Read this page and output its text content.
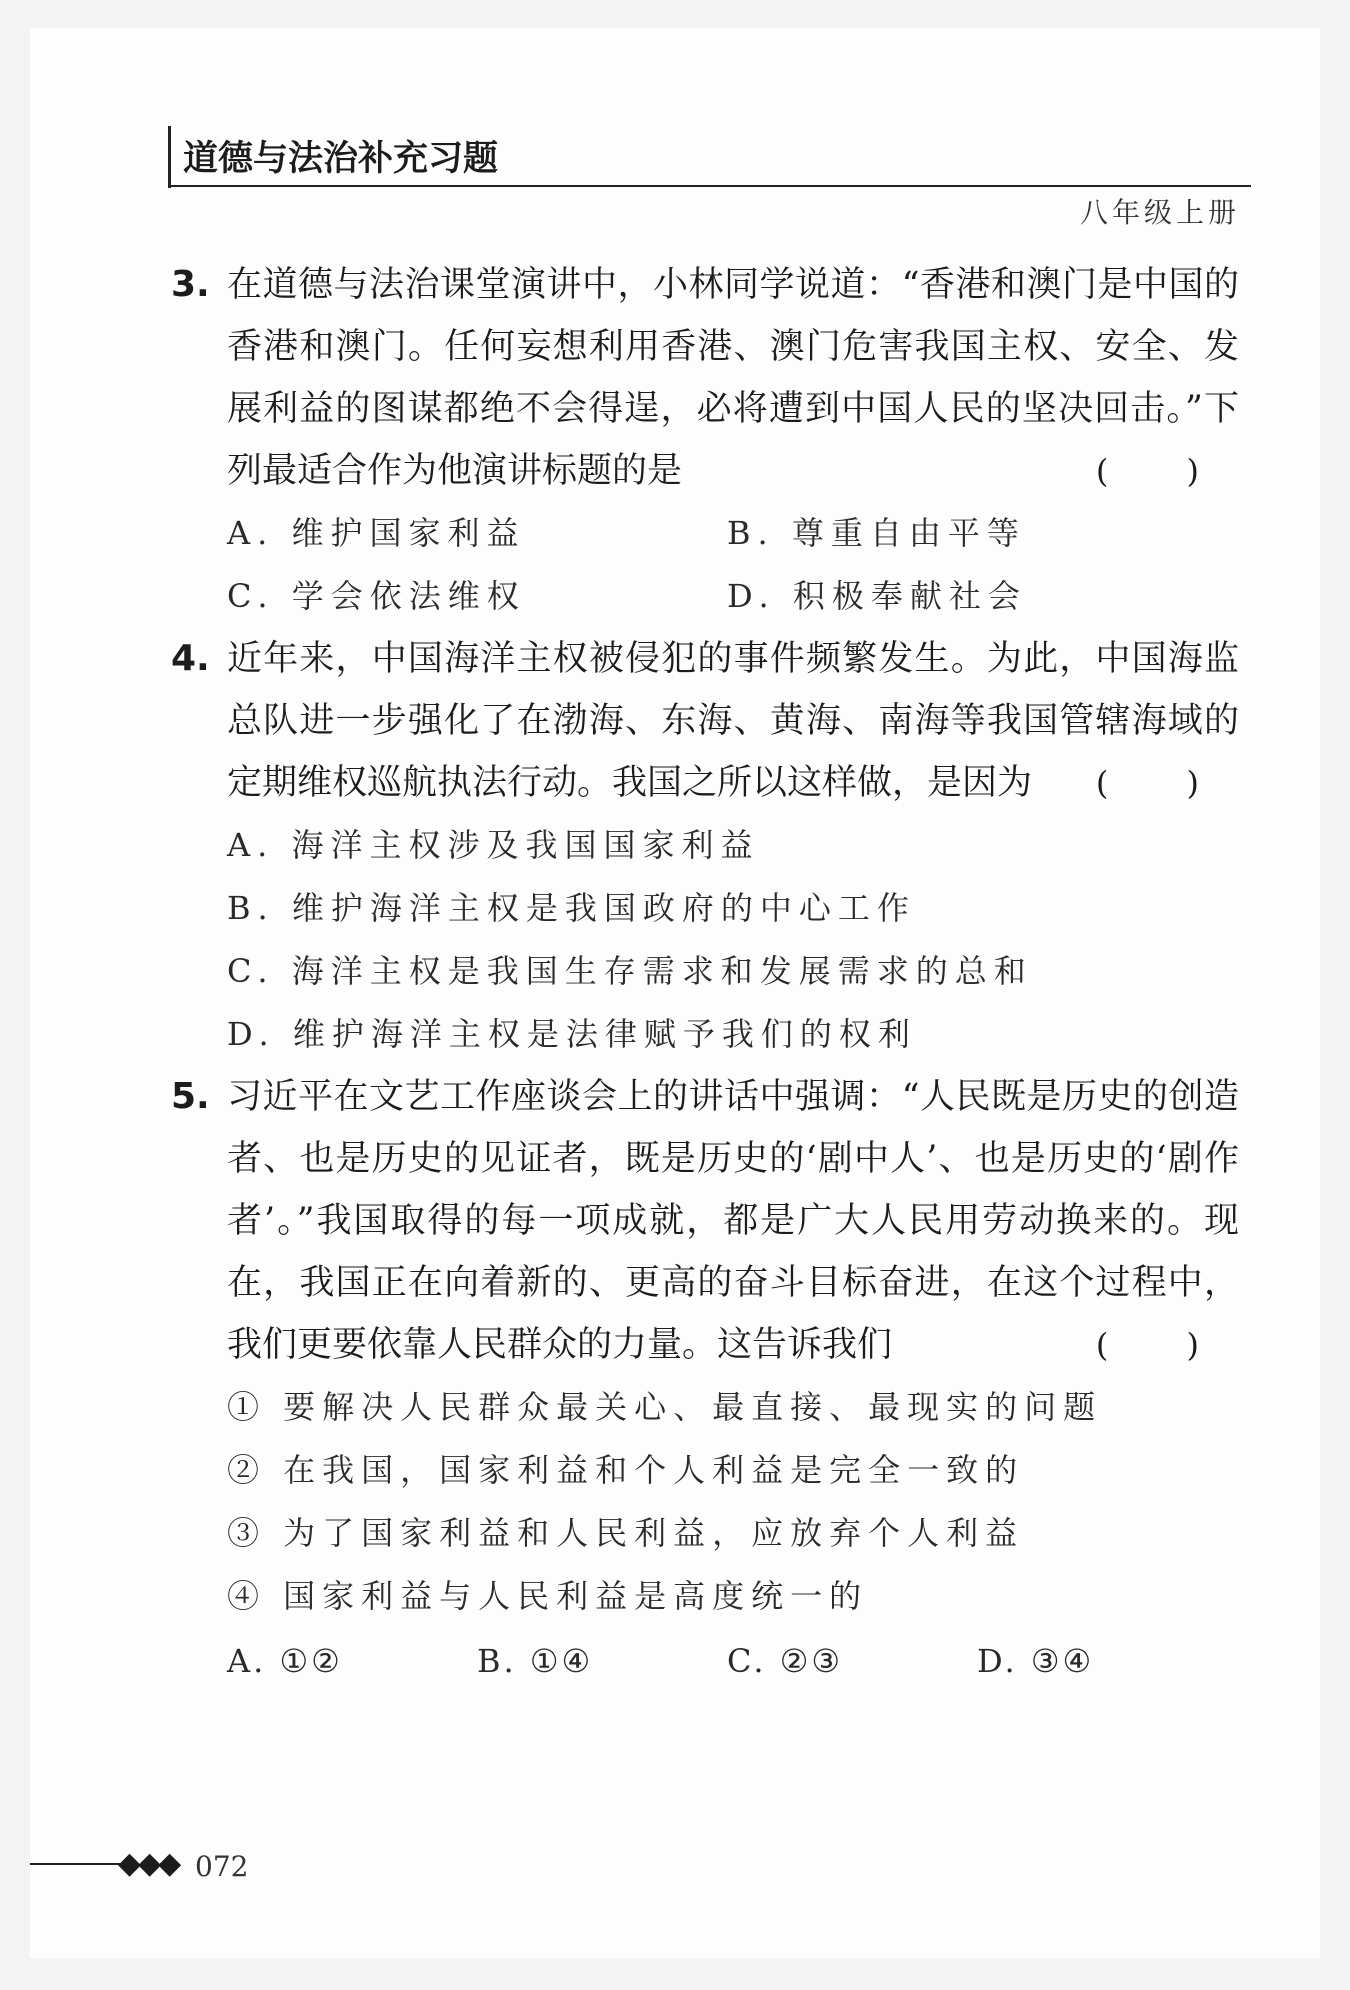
道德与法治补充习题
八年级上册
3. 在道德与法治课堂演讲中，小林同学说道：“香港和澳门是中国的香港和澳门。任何妄想利用香港、澳门危害我国主权、安全、发展利益的图谋都绝不会得逞，必将遭到中国人民的坚决回击。”下列最适合作为他演讲标题的是	( )
A. 维护国家利益	B. 尊重自由平等
C. 学会依法维权	D. 积极奉献社会
4. 近年来，中国海洋主权被侵犯的事件频繁发生。为此，中国海监总队进一步强化了在渤海、东海、黄海、南海等我国管辖海域的定期维权巡航执法行动。我国之所以这样做，是因为 ( )
A. 海洋主权涉及我国国家利益
B. 维护海洋主权是我国政府的中心工作
C. 海洋主权是我国生存需求和发展需求的总和
D. 维护海洋主权是法律赋予我们的权利
5. 习近平在文艺工作座谈会上的讲话中强调：“人民既是历史的创造者、也是历史的见证者，既是历史的‘剧中人’、也是历史的‘剧作者’。”我国取得的每一项成就，都是广大人民用劳动换来的。现在，我国正在向着新的、更高的奋斗目标奋进，在这个过程中，我们更要依靠人民群众的力量。这告诉我们	( )
① 要解决人民群众最关心、最直接、最现实的问题
② 在我国，国家利益和个人利益是完全一致的
③ 为了国家利益和人民利益，应放弃个人利益
④ 国家利益与人民利益是高度统一的
A. ①②	B. ①④	C. ②③	D. ③④
◆◆◆ 072
